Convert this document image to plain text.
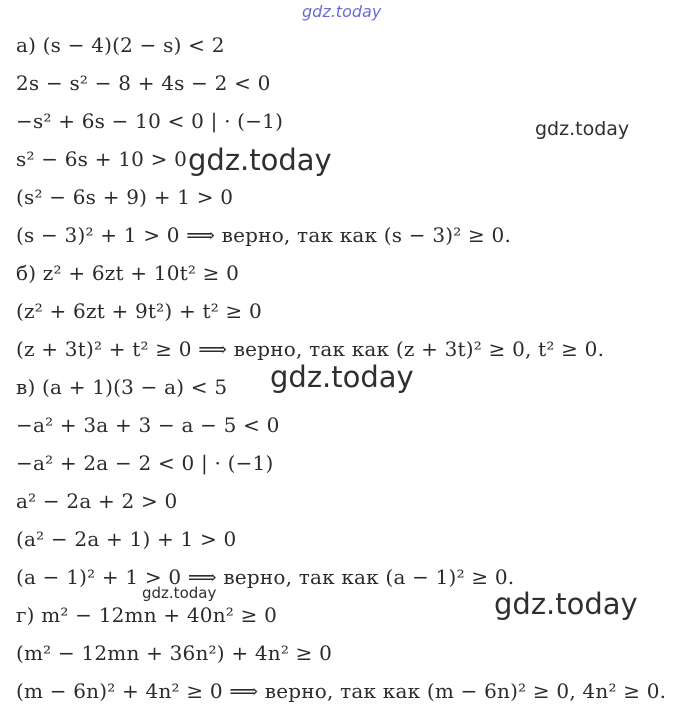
а) (s − 4)(2 − s) < 2
2s − s² − 8 + 4s − 2 < 0
−s² + 6s − 10 < 0 | · (−1)
s² − 6s + 10 > 0
(s² − 6s + 9) + 1 > 0
(s − 3)² + 1 > 0 ⟹ верно, так как (s − 3)² ≥ 0.
б) z² + 6zt + 10t² ≥ 0
(z² + 6zt + 9t²) + t² ≥ 0
(z + 3t)² + t² ≥ 0 ⟹ верно, так как (z + 3t)² ≥ 0, t² ≥ 0.
в) (a + 1)(3 − a) < 5
−a² + 3a + 3 − a − 5 < 0
−a² + 2a − 2 < 0 | · (−1)
a² − 2a + 2 > 0
(a² − 2a + 1) + 1 > 0
(a − 1)² + 1 > 0 ⟹ верно, так как (a − 1)² ≥ 0.
г) m² − 12mn + 40n² ≥ 0
(m² − 12mn + 36n²) + 4n² ≥ 0
(m − 6n)² + 4n² ≥ 0 ⟹ верно, так как (m − 6n)² ≥ 0, 4n² ≥ 0.
gdz.today
gdz.today
gdz.today
gdz.today
gdz.today	gdz.today
